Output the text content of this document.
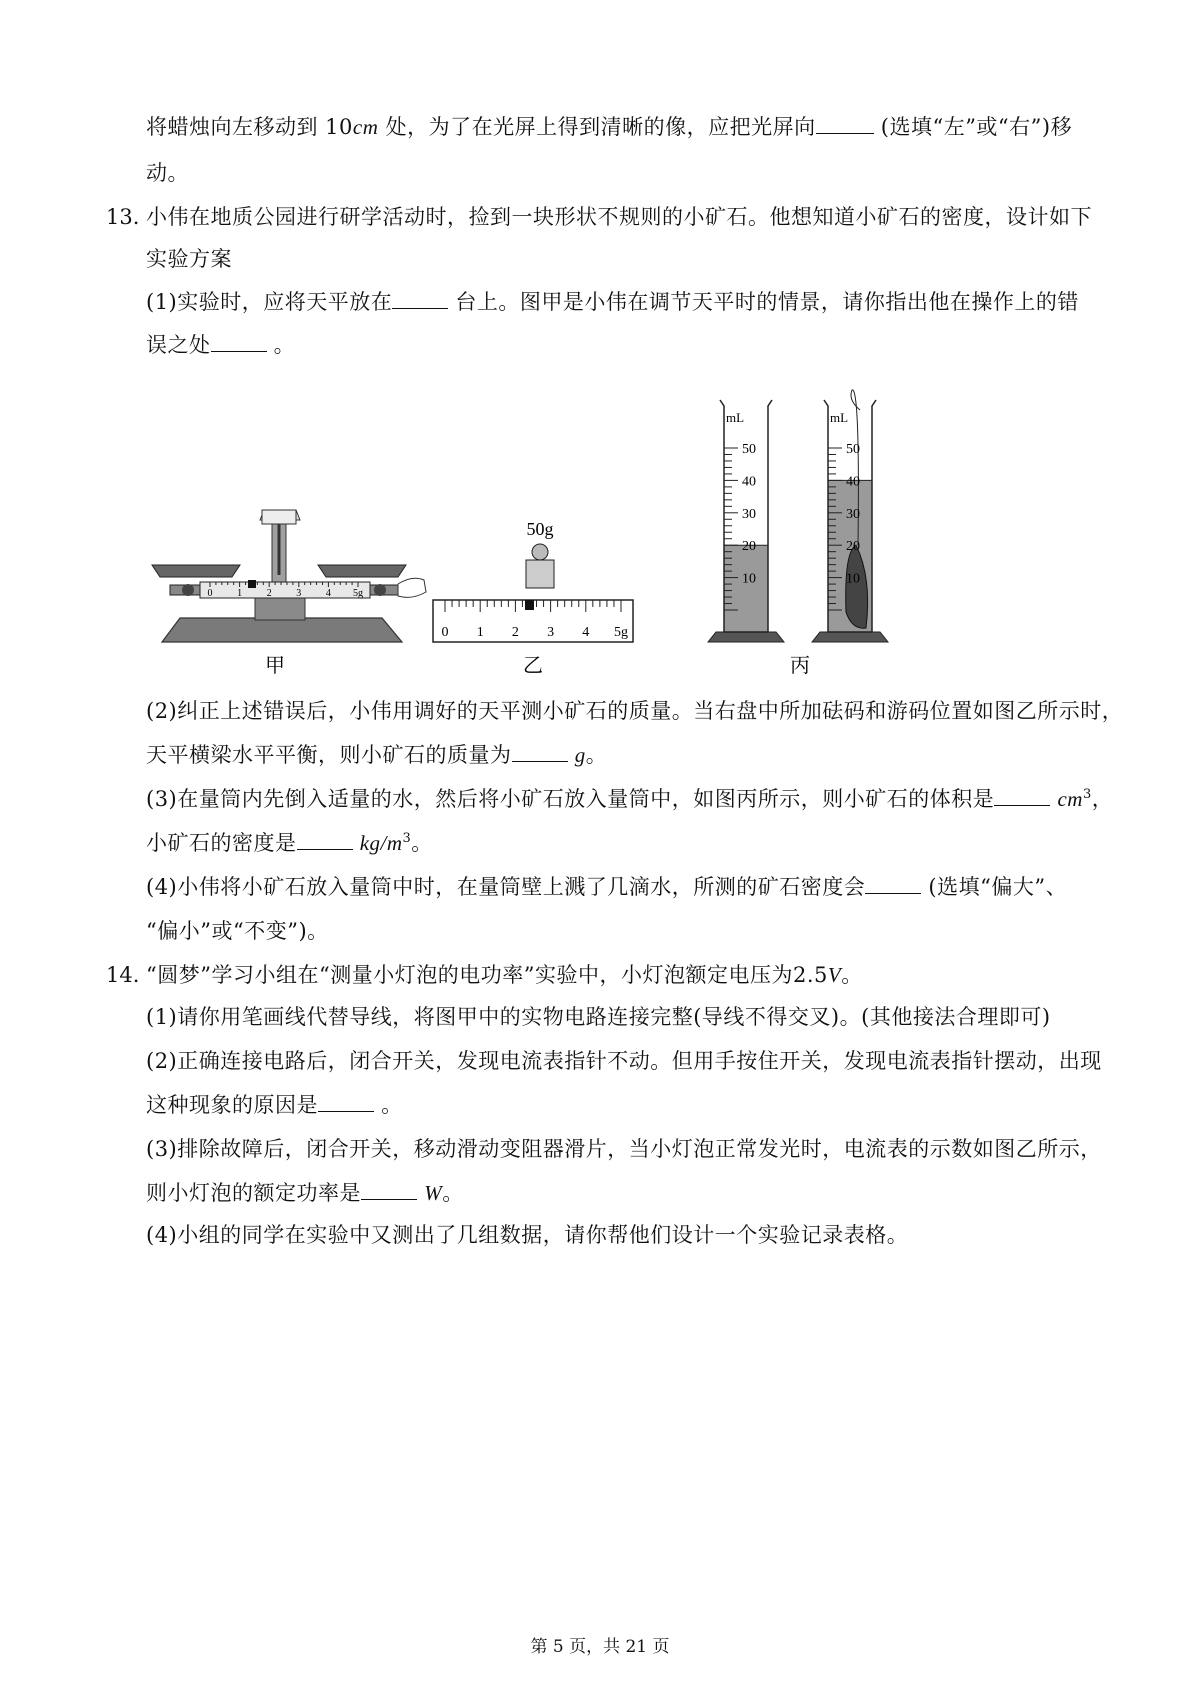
将蜡烛向左移动到 10cm 处，为了在光屏上得到清晰的像，应把光屏向	(选填“左”或“右”)移
动。
13. 小伟在地质公园进行研学活动时，捡到一块形状不规则的小矿石。他想知道小矿石的密度，设计如下
实验方案
(1)实验时，应将天平放在	台上。图甲是小伟在调节天平时的情景，请你指出他在操作上的错
误之处	。
0 1 2 3 4 5g
甲
50g
0 1 2 3 4 5g
乙
50
40
30
20
10
mL
50
40
30
20
10
mL
丙
(2)纠正上述错误后，小伟用调好的天平测小矿石的质量。当右盘中所加砝码和游码位置如图乙所示时，
天平横梁水平平衡，则小矿石的质量为	g。
(3)在量筒内先倒入适量的水，然后将小矿石放入量筒中，如图丙所示，则小矿石的体积是	$cm^3$，
小矿石的密度是	$kg/m^3$。
(4)小伟将小矿石放入量筒中时，在量筒壁上溅了几滴水，所测的矿石密度会	(选填“偏大”、
“偏小”或“不变”)。
14. “圆梦”学习小组在“测量小灯泡的电功率”实验中，小灯泡额定电压为2.5V。
(1)请你用笔画线代替导线，将图甲中的实物电路连接完整(导线不得交叉)。(其他接法合理即可)
(2)正确连接电路后，闭合开关，发现电流表指针不动。但用手按住开关，发现电流表指针摆动，出现
这种现象的原因是	。
(3)排除故障后，闭合开关，移动滑动变阻器滑片，当小灯泡正常发光时，电流表的示数如图乙所示，
则小灯泡的额定功率是	W。
(4)小组的同学在实验中又测出了几组数据，请你帮他们设计一个实验记录表格。
第 5 页，共 21 页
